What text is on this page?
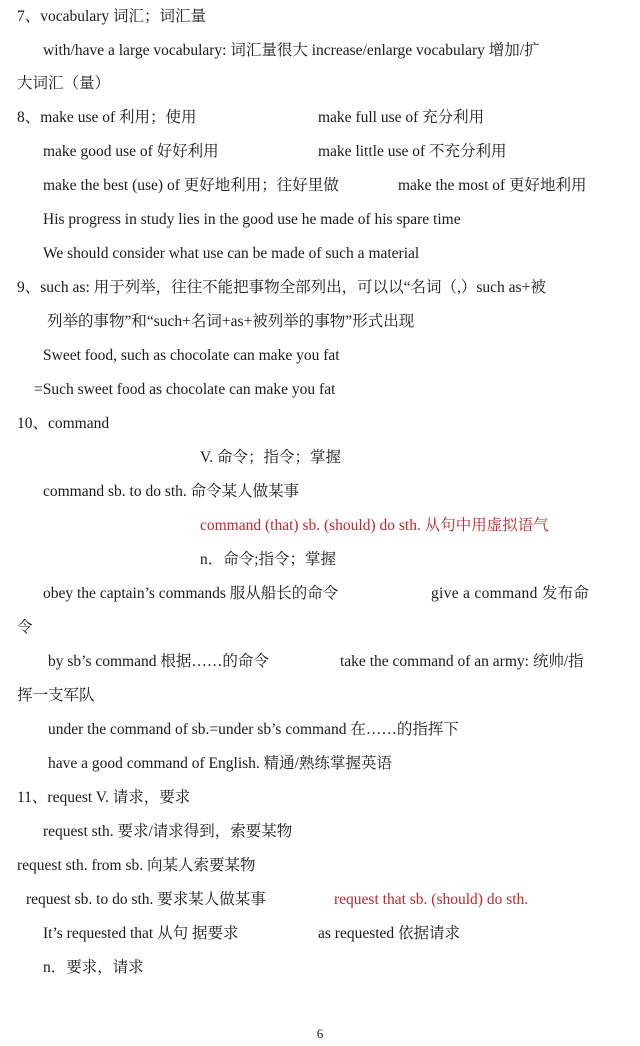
7、vocabulary 词汇；词汇量
with/have a large vocabulary: 词汇量很大 increase/enlarge vocabulary 增加/扩
大词汇（量）
8、make use of 利用；使用	make full use of 充分利用
make good use of 好好利用	make little use of 不充分利用
make the best (use) of 更好地利用；往好里做	make the most of 更好地利用
His progress in study lies in the good use he made of his spare time
We should consider what use can be made of such a material
9、such as: 用于列举，往往不能把事物全部列出，可以以“名词（,）such as+被
列举的事物”和“such+名词+as+被列举的事物”形式出现
Sweet food, such as chocolate can make you fat
=Such sweet food as chocolate can make you fat
10、command
V. 命令；指令；掌握
command sb. to do sth. 命令某人做某事
command (that) sb. (should) do sth. 从句中用虚拟语气
n．命令;指令；掌握
obey the captain’s commands 服从船长的命令	give a command 发布命
令
by sb’s command 根据……的命令	take the command of an army: 统帅/指
挥一支军队
under the command of sb.=under sb’s command 在……的指挥下
have a good command of English. 精通/熟练掌握英语
11、request V. 请求，要求
request sth. 要求/请求得到，索要某物
request sth. from sb. 向某人索要某物
request sb. to do sth. 要求某人做某事	request that sb. (should) do sth.
It’s requested that 从句 据要求	as requested 依据请求
n．要求，请求
6
